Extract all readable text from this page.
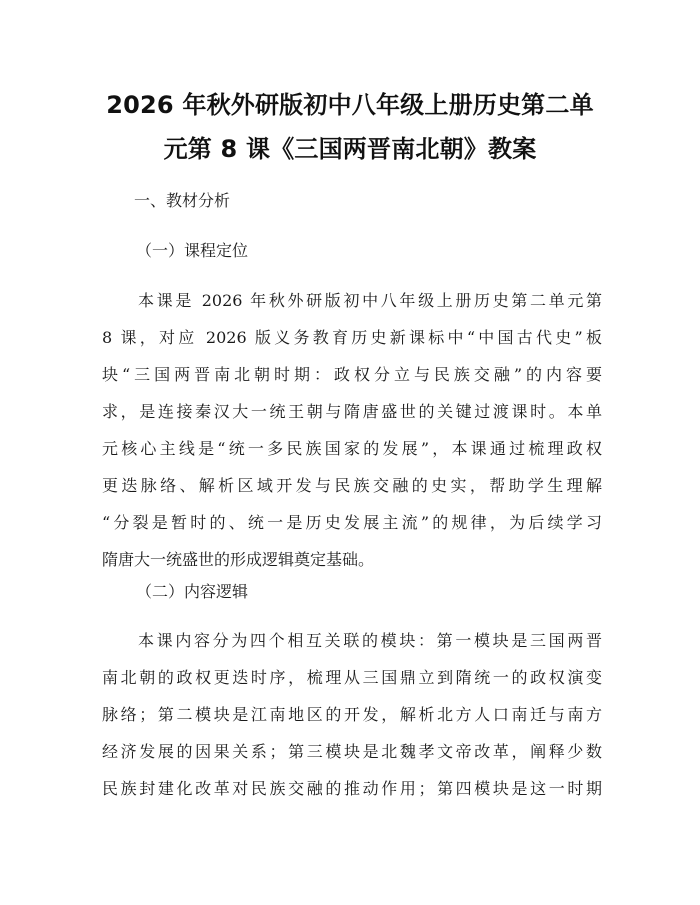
2026 年秋外研版初中八年级上册历史第二单
元第 8 课《三国两晋南北朝》教案

一、教材分析

（一）课程定位

本课是 2026 年秋外研版初中八年级上册历史第二单元第
8 课，对应 2026 版义务教育历史新课标中“中国古代史”板
块“三国两晋南北朝时期：政权分立与民族交融”的内容要
求，是连接秦汉大一统王朝与隋唐盛世的关键过渡课时。本单
元核心主线是“统一多民族国家的发展”，本课通过梳理政权
更迭脉络、解析区域开发与民族交融的史实，帮助学生理解
“分裂是暂时的、统一是历史发展主流”的规律，为后续学习
隋唐大一统盛世的形成逻辑奠定基础。

（二）内容逻辑

本课内容分为四个相互关联的模块：第一模块是三国两晋
南北朝的政权更迭时序，梳理从三国鼎立到隋统一的政权演变
脉络；第二模块是江南地区的开发，解析北方人口南迁与南方
经济发展的因果关系；第三模块是北魏孝文帝改革，阐释少数
民族封建化改革对民族交融的推动作用；第四模块是这一时期
